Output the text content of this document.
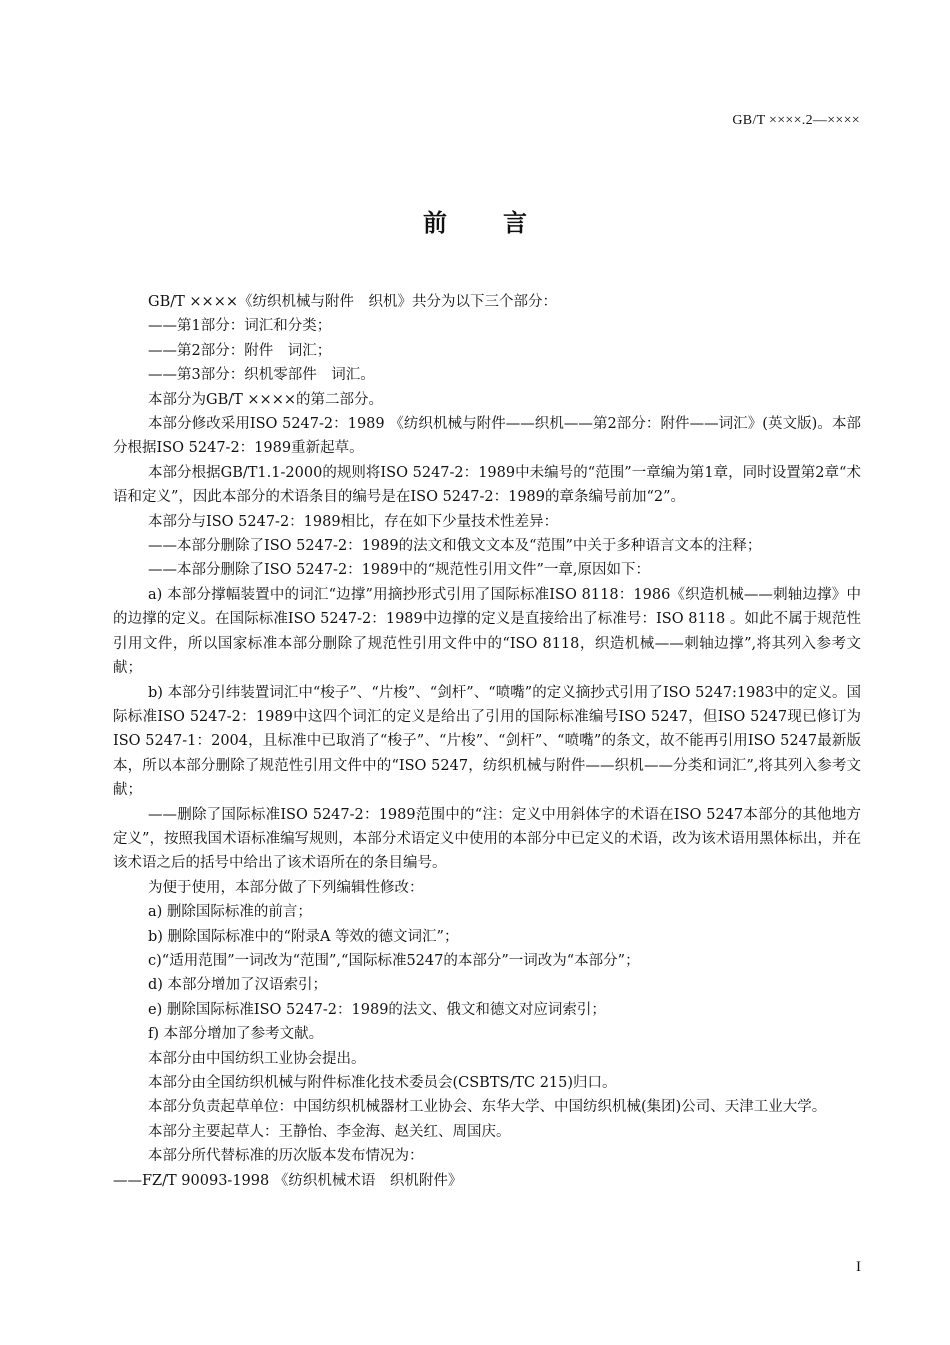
GB/T ××××.2—××××
前言

GB/T ××××《纺织机械与附件　织机》共分为以下三个部分：

——第1部分：词汇和分类；

——第2部分：附件　词汇；

——第3部分：织机零部件　词汇。

本部分为GB/T ××××的第二部分。

本部分修改采用ISO 5247-2：1989 《纺织机械与附件——织机——第2部分：附件——词汇》(英文版)。本部分根据ISO 5247-2：1989重新起草。

本部分根据GB/T1.1-2000的规则将ISO 5247-2：1989中未编号的“范围”一章编为第1章，同时设置第2章“术语和定义”，因此本部分的术语条目的编号是在ISO 5247-2：1989的章条编号前加“2”。

本部分与ISO 5247-2：1989相比，存在如下少量技术性差异：

——本部分删除了ISO 5247-2：1989的法文和俄文文本及“范围”中关于多种语言文本的注释；

——本部分删除了ISO 5247-2：1989中的“规范性引用文件”一章,原因如下：

a) 本部分撑幅装置中的词汇“边撑”用摘抄形式引用了国际标准ISO 8118：1986《织造机械——刺轴边撑》中的边撑的定义。在国际标准ISO 5247-2：1989中边撑的定义是直接给出了标准号：ISO 8118 。如此不属于规范性引用文件，所以国家标准本部分删除了规范性引用文件中的“ISO 8118，织造机械——刺轴边撑”,将其列入参考文献；

b) 本部分引纬装置词汇中“梭子”、“片梭”、“剑杆”、“喷嘴”的定义摘抄式引用了ISO 5247:1983中的定义。国际标准ISO 5247-2：1989中这四个词汇的定义是给出了引用的国际标准编号ISO 5247，但ISO 5247现已修订为ISO 5247-1：2004，且标准中已取消了“梭子”、“片梭”、“剑杆”、“喷嘴”的条文，故不能再引用ISO 5247最新版本，所以本部分删除了规范性引用文件中的“ISO 5247，纺织机械与附件——织机——分类和词汇”,将其列入参考文献；

——删除了国际标准ISO 5247-2：1989范围中的“注：定义中用斜体字的术语在ISO 5247本部分的其他地方定义”，按照我国术语标准编写规则，本部分术语定义中使用的本部分中已定义的术语，改为该术语用黑体标出，并在该术语之后的括号中给出了该术语所在的条目编号。

为便于使用，本部分做了下列编辑性修改：

a) 删除国际标准的前言；

b) 删除国际标准中的“附录A 等效的德文词汇”；

c)“适用范围”一词改为“范围”,“国际标准5247的本部分”一词改为“本部分”；

d) 本部分增加了汉语索引；

e) 删除国际标准ISO 5247-2：1989的法文、俄文和德文对应词索引；

f) 本部分增加了参考文献。

本部分由中国纺织工业协会提出。

本部分由全国纺织机械与附件标准化技术委员会(CSBTS/TC 215)归口。

本部分负责起草单位：中国纺织机械器材工业协会、东华大学、中国纺织机械(集团)公司、天津工业大学。

本部分主要起草人：王静怡、李金海、赵关红、周国庆。

本部分所代替标准的历次版本发布情况为：

——FZ/T 90093-1998 《纺织机械术语　织机附件》

I
